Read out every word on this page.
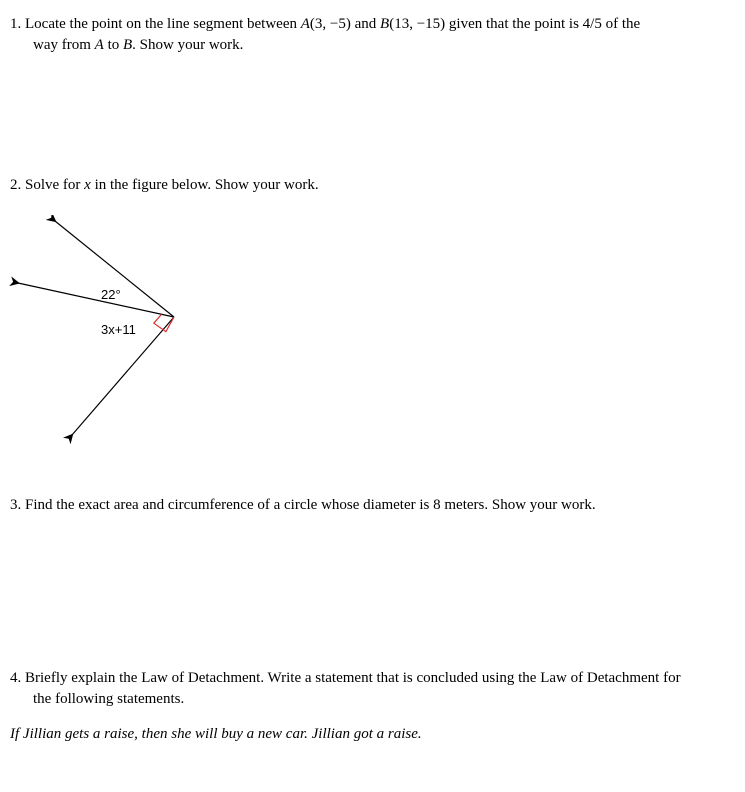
1. Locate the point on the line segment between A(3, −5) and B(13, −15) given that the point is 4/5 of the
way from A to B. Show your work.
2. Solve for x in the figure below. Show your work.
22°
3x+11
3. Find the exact area and circumference of a circle whose diameter is 8 meters. Show your work.
4. Briefly explain the Law of Detachment. Write a statement that is concluded using the Law of Detachment for
the following statements.
If Jillian gets a raise, then she will buy a new car. Jillian got a raise.
